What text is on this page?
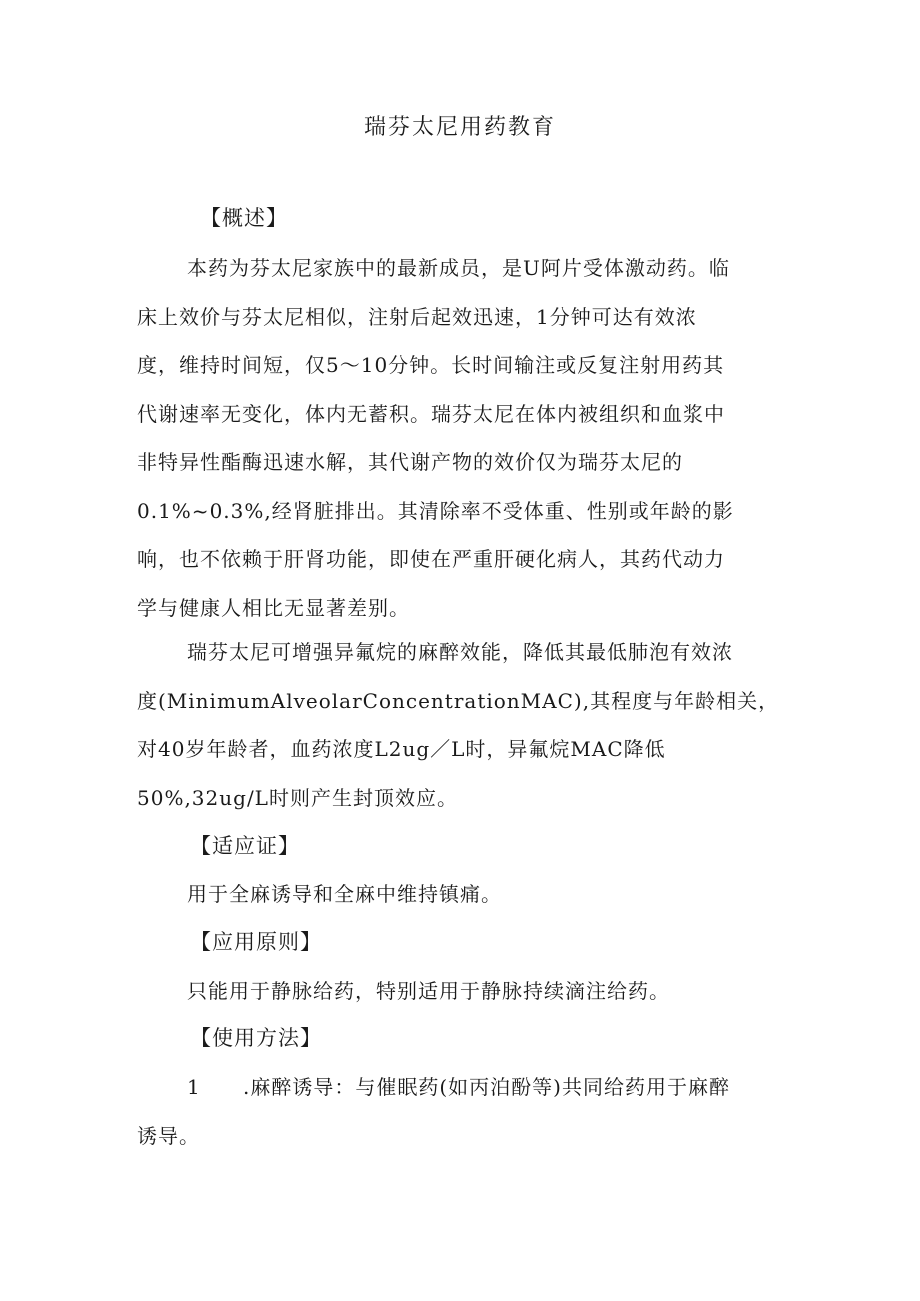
瑞芬太尼用药教育
【概述】
本药为芬太尼家族中的最新成员，是U阿片受体激动药。临
床上效价与芬太尼相似，注射后起效迅速，1分钟可达有效浓
度，维持时间短，仅5～10分钟。长时间输注或反复注射用药其
代谢速率无变化，体内无蓄积。瑞芬太尼在体内被组织和血浆中
非特异性酯酶迅速水解，其代谢产物的效价仅为瑞芬太尼的
0.1%~0.3%,经肾脏排出。其清除率不受体重、性别或年龄的影
响，也不依赖于肝肾功能，即使在严重肝硬化病人，其药代动力
学与健康人相比无显著差别。
瑞芬太尼可增强异氟烷的麻醉效能，降低其最低肺泡有效浓
度(MinimumAlveolarConcentrationMAC),其程度与年龄相关，
对40岁年龄者，血药浓度L2ug／L时，异氟烷MAC降低
50%,32ug/L时则产生封顶效应。
【适应证】
用于全麻诱导和全麻中维持镇痛。
【应用原则】
只能用于静脉给药，特别适用于静脉持续滴注给药。
【使用方法】
1 .麻醉诱导：与催眠药(如丙泊酚等)共同给药用于麻醉
诱导。
